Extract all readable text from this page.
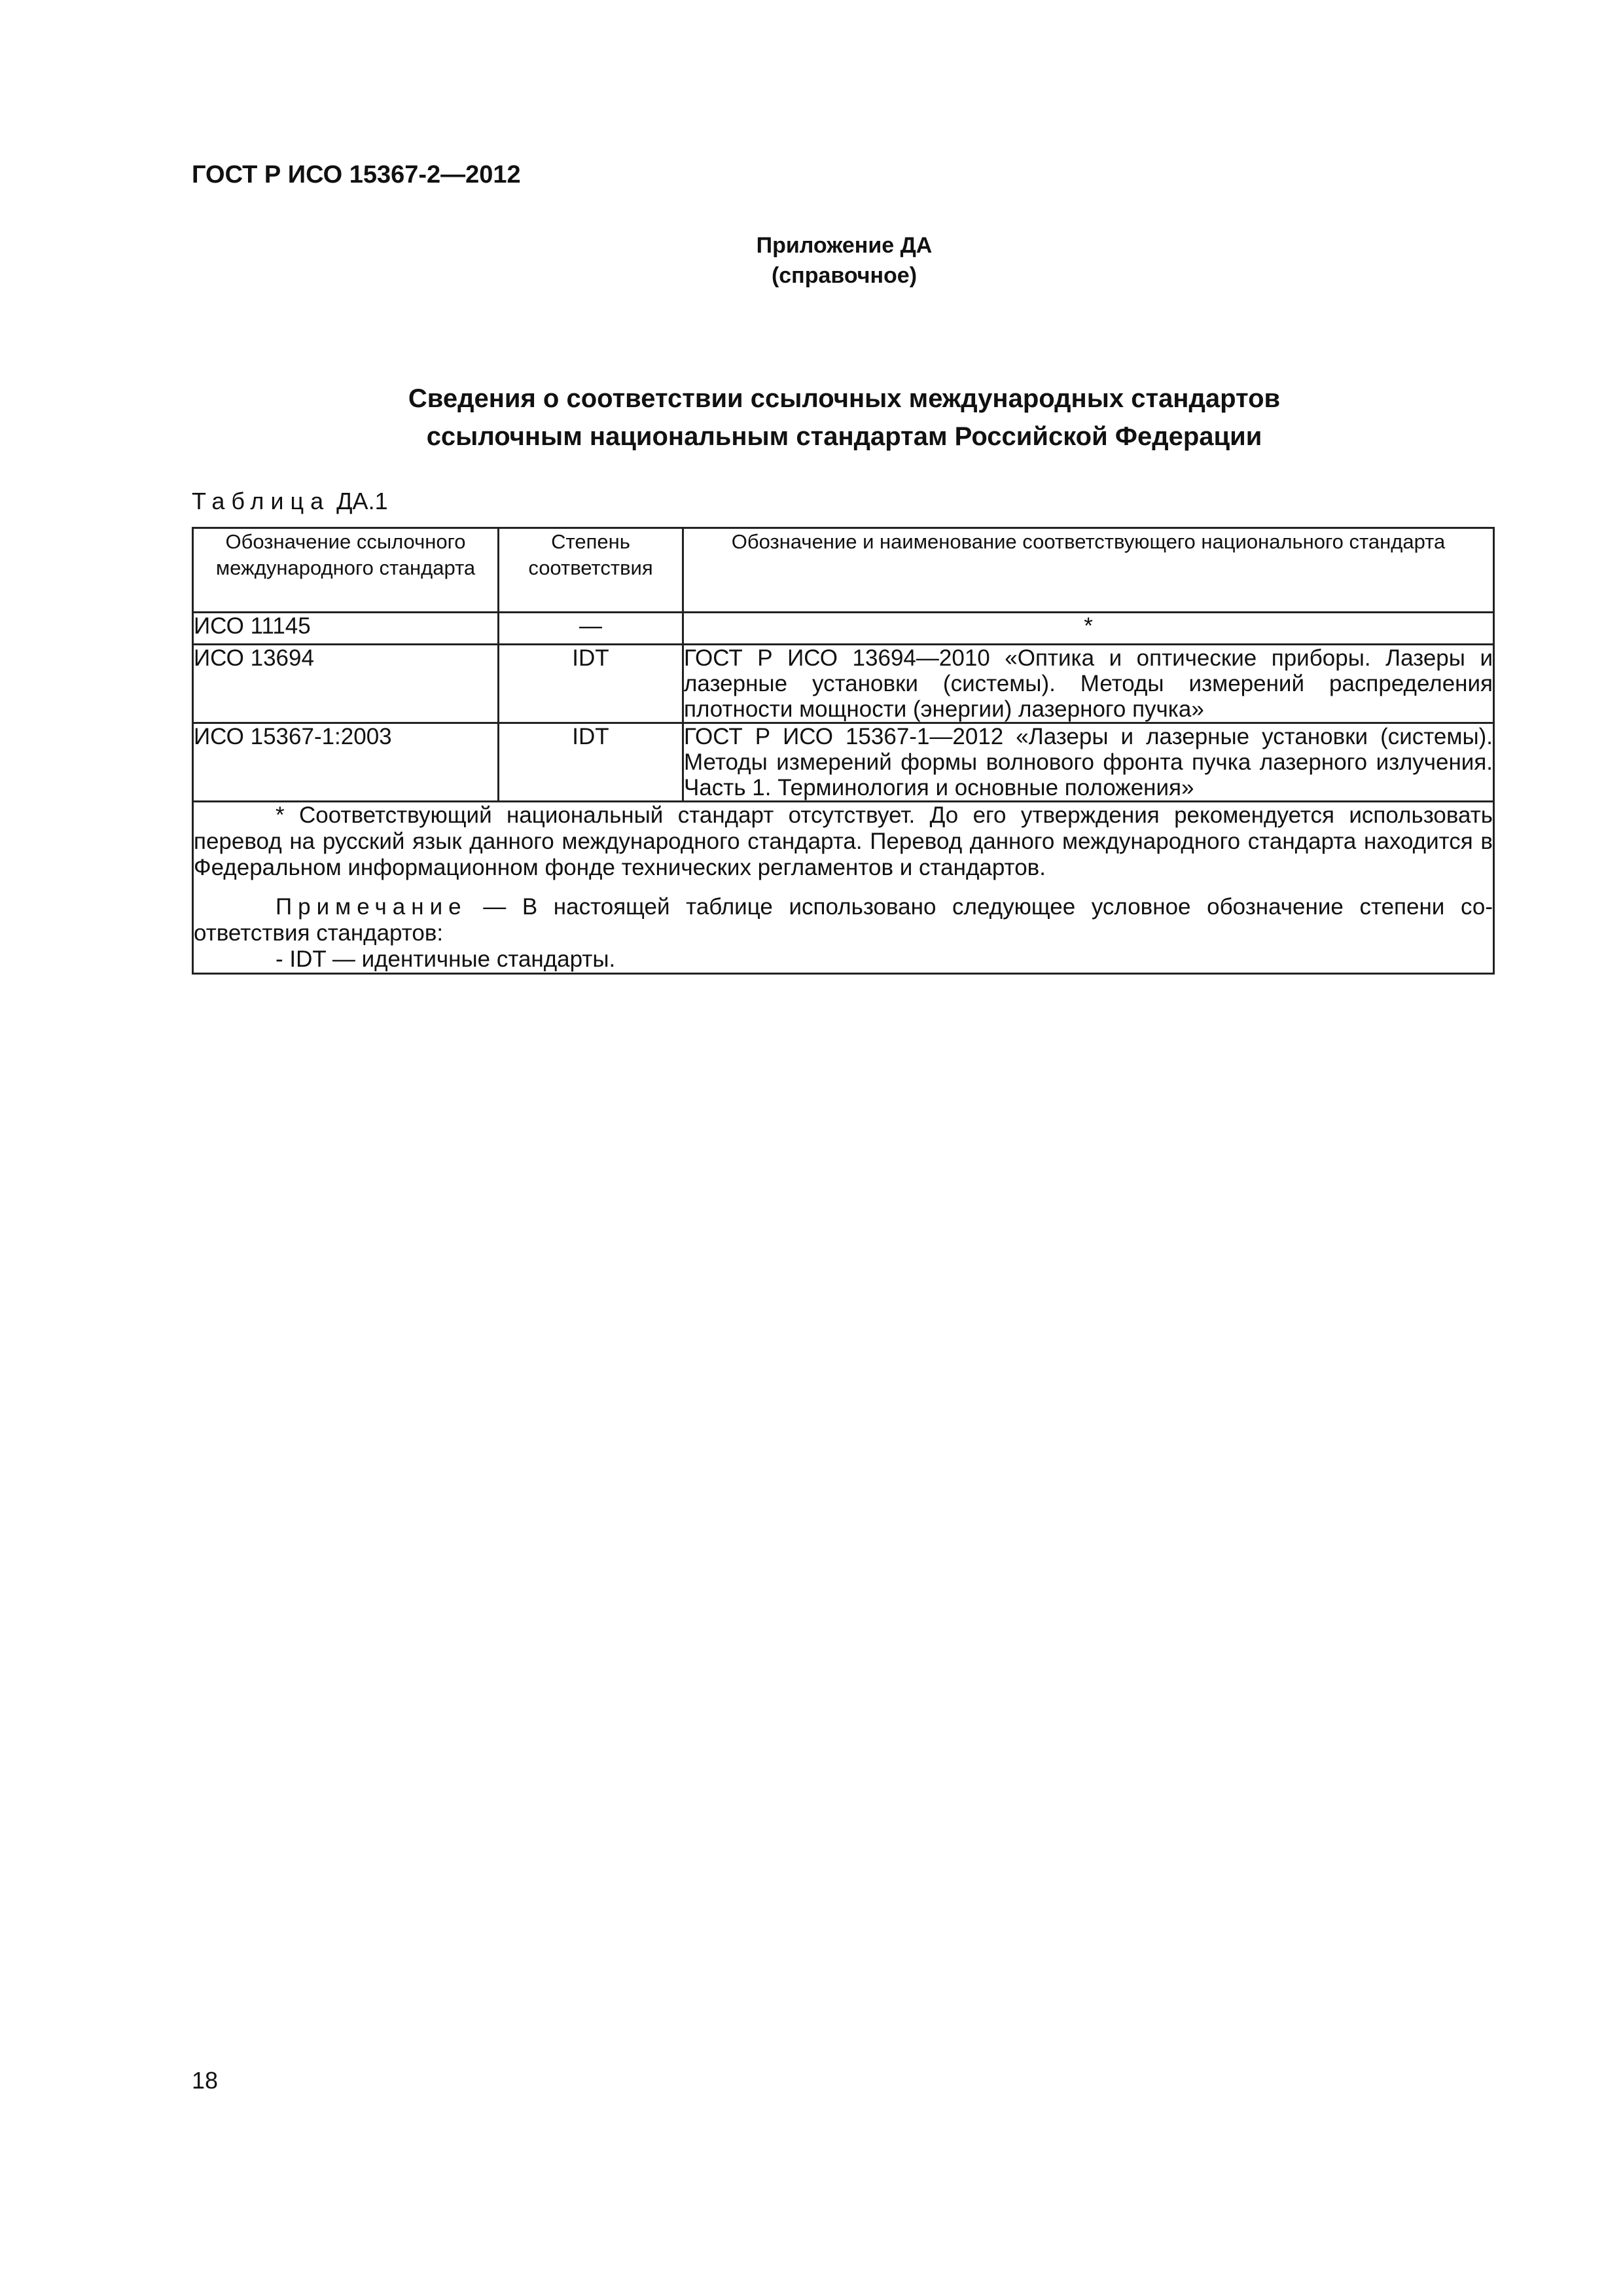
ГОСТ Р ИСО 15367-2—2012
Приложение ДА
(справочное)
Сведения о соответствии ссылочных международных стандартов
ссылочным национальным стандартам Российской Федерации
Таблица ДА.1
Обозначение ссылочного международного стандарта	Степень соответствия	Обозначение и наименование соответствующего национального стандарта
ИСО 11145	—	*
ИСО 13694	IDT	ГОСТ Р ИСО 13694—2010 «Оптика и оптические приборы. Лазеры и лазерные установки (системы). Методы измерений распределения плотности мощности (энергии) лазерного пучка»
ИСО 15367-1:2003	IDT	ГОСТ Р ИСО 15367-1—2012 «Лазеры и лазерные установки (системы). Методы измерений формы волнового фронта пучка лазерного излучения. Часть 1. Терминология и основные положения»

* Соответствующий национальный стандарт отсутствует. До его утверждения рекомендуется использовать перевод на русский язык данного международного стандарта. Перевод данного международного стандарта находится в Федеральном информационном фонде технических регламентов и стандартов.

Примечание — В настоящей таблице использовано следующее условное обозначение степени соответствия стандартов:

- IDT — идентичные стандарты.		

18
